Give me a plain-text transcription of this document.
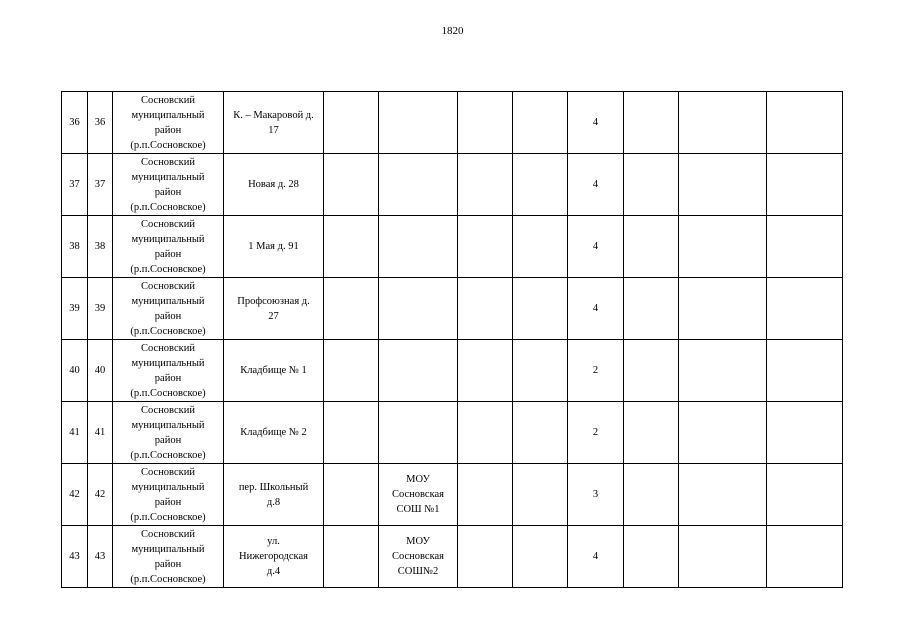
1820
36	36	Сосновский
муниципальный
район
(р.п.Сосновское)	К. – Макаровой д.
17					4			
37	37	Сосновский
муниципальный
район
(р.п.Сосновское)	Новая д. 28					4			
38	38	Сосновский
муниципальный
район
(р.п.Сосновское)	1 Мая д. 91					4			
39	39	Сосновский
муниципальный
район
(р.п.Сосновское)	Профсоюзная д.
27					4			
40	40	Сосновский
муниципальный
район
(р.п.Сосновское)	Кладбище № 1					2			
41	41	Сосновский
муниципальный
район
(р.п.Сосновское)	Кладбище № 2					2			
42	42	Сосновский
муниципальный
район
(р.п.Сосновское)	пер. Школьный
д.8		МОУ
Сосновская
СОШ №1			3			
43	43	Сосновский
муниципальный
район
(р.п.Сосновское)	ул.
Нижегородская
д.4		МОУ
Сосновская
СОШ№2			4			
